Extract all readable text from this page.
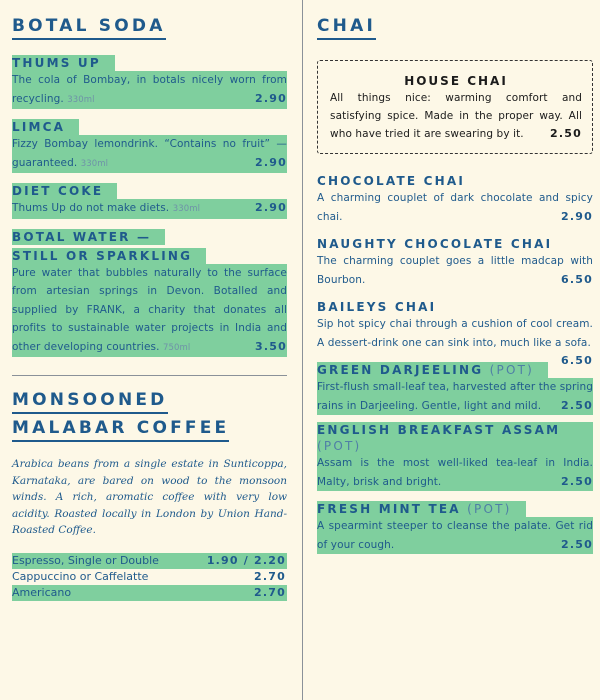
BOTAL SODA
THUMS UP

The cola of Bombay, in botals nicely worn from recycling. 330ml	2.90

LIMCA

Fizzy Bombay lemondrink. “Contains no fruit” — guaranteed. 330ml	2.90

DIET COKE

Thums Up do not make diets. 330ml	2.90

BOTAL WATER —
STILL OR SPARKLING

Pure water that bubbles naturally to the surface from artesian springs in Devon. Botalled and supplied by FRANK, a charity that donates all profits to sustainable water projects in India and other developing countries. 750ml	3.50

MONSOONED
MALABAR COFFEE

Arabica beans from a single estate in Sunticoppa, Karnataka, are bared on wood to the monsoon winds. A rich, aromatic coffee with very low acidity. Roasted locally in London by Union Hand-Roasted Coffee.

Espresso, Single or Double	1.90 / 2.20
Cappuccino or Caffelatte	2.70
Americano	2.70
CHAI
HOUSE CHAI

All things nice: warming comfort and satisfying spice. Made in the proper way. All who have tried it are swearing by it. 2.50

CHOCOLATE CHAI

A charming couplet of dark chocolate and spicy chai.	2.90

NAUGHTY CHOCOLATE CHAI

The charming couplet goes a little madcap with Bourbon.	6.50

BAILEYS CHAI

Sip hot spicy chai through a cushion of cool cream. A dessert-drink one can sink into, much like a sofa.
6.50

GREEN DARJEELING (POT)

First-flush small-leaf tea, harvested after the spring rains in Darjeeling. Gentle, light and mild. 2.50

ENGLISH BREAKFAST ASSAM (POT)

Assam is the most well-liked tea-leaf in India. Malty, brisk and bright.	2.50

FRESH MINT TEA (POT)

A spearmint steeper to cleanse the palate. Get rid of your cough.	2.50
